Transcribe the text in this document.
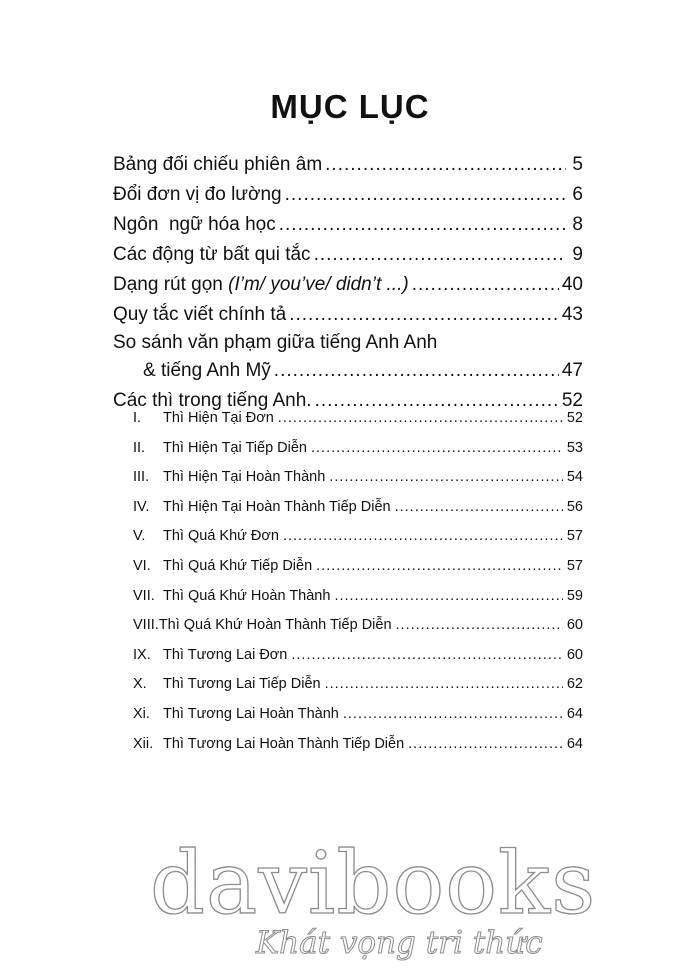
MỤC LỤC
Bảng đối chiếu phiên âm .....	5
Đổi đơn vị đo lường .....	6
Ngôn  ngữ hóa học .....	8
Các động từ bất qui tắc .....	9
Dạng rút gọn (I’m/ you’ve/ didn’t ...) .....	40
Quy tắc viết chính tả .....	43
So sánh văn phạm giữa tiếng Anh Anh
& tiếng Anh Mỹ .....	47
Các thì trong tiếng Anh. .....	52
I.	Thì Hiện Tại Đơn .....	52
II.	Thì Hiện Tại Tiếp Diễn .....	53
III. Thì Hiện Tại Hoàn Thành .....	54
IV. Thì Hiện Tại Hoàn Thành Tiếp Diễn .....	56
V.	Thì Quá Khứ Đơn .....	57
VI. Thì Quá Khứ Tiếp Diễn .....	57
VII. Thì Quá Khứ Hoàn Thành .....	59
VIII. Thì Quá Khứ Hoàn Thành Tiếp Diễn .....	60
IX. Thì Tương Lai Đơn .....	60
X.	Thì Tương Lai Tiếp Diễn .....	62
Xi. Thì Tương Lai Hoàn Thành .....	64
Xii. Thì Tương Lai Hoàn Thành Tiếp Diễn .....	64
davibooks
Khát vọng tri thức
